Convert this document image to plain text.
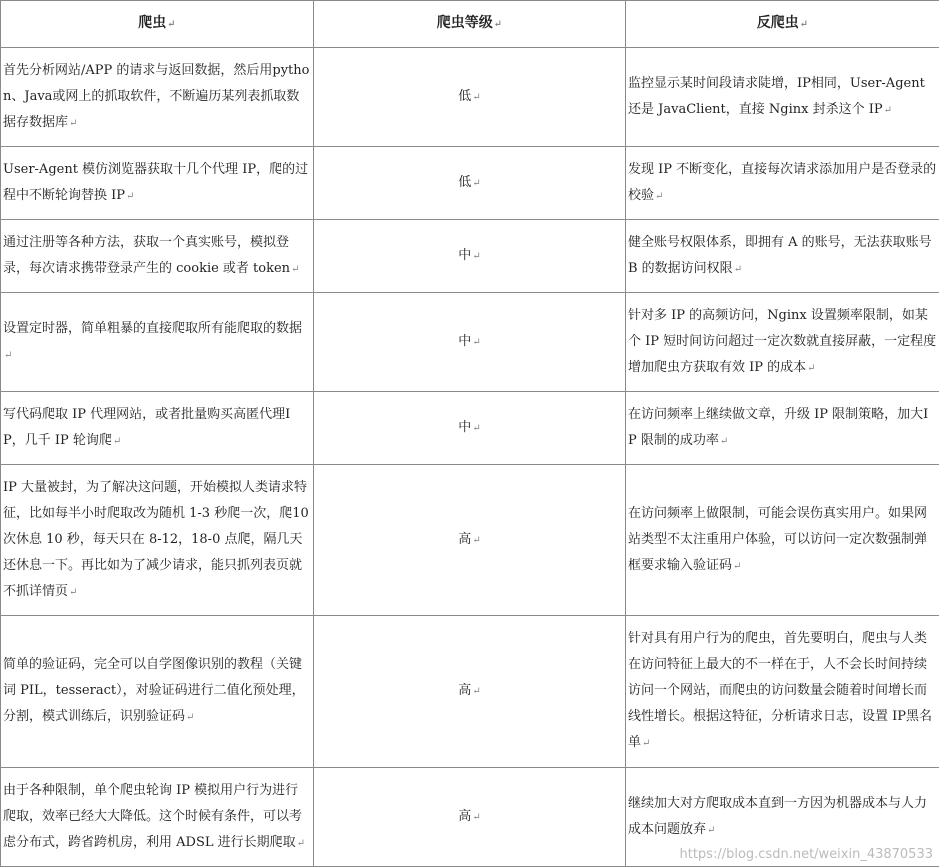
爬虫↵	爬虫等级↵	反爬虫↵
首先分析网站/APP 的请求与返回数据，然后用python、Java或网上的抓取软件，不断遍历某列表抓取数据存数据库↵	低↵	监控显示某时间段请求陡增，IP相同，User-Agent还是 JavaClient，直接 Nginx 封杀这个 IP↵
User-Agent 模仿浏览器获取十几个代理 IP，爬的过程中不断轮询替换 IP↵	低↵	发现 IP 不断变化，直接每次请求添加用户是否登录的校验↵
通过注册等各种方法，获取一个真实账号，模拟登录，每次请求携带登录产生的 cookie 或者 token↵	中↵	健全账号权限体系，即拥有 A 的账号，无法获取账号 B 的数据访问权限↵
设置定时器，简单粗暴的直接爬取所有能爬取的数据↵	中↵	针对多 IP 的高频访问，Nginx 设置频率限制，如某个 IP 短时间访问超过一定次数就直接屏蔽，一定程度增加爬虫方获取有效 IP 的成本↵
写代码爬取 IP 代理网站，或者批量购买高匿代理IP，几千 IP 轮询爬↵	中↵	在访问频率上继续做文章，升级 IP 限制策略，加大IP 限制的成功率↵
IP 大量被封，为了解决这问题，开始模拟人类请求特征，比如每半小时爬取改为随机 1-3 秒爬一次，爬10 次休息 10 秒，每天只在 8-12，18-0 点爬，隔几天还休息一下。再比如为了减少请求，能只抓列表页就不抓详情页↵	高↵	在访问频率上做限制，可能会误伤真实用户。如果网站类型不太注重用户体验，可以访问一定次数强制弹框要求输入验证码↵
简单的验证码，完全可以自学图像识别的教程（关键词 PIL，tesseract），对验证码进行二值化预处理，分割，模式训练后，识别验证码↵	高↵	针对具有用户行为的爬虫，首先要明白，爬虫与人类在访问特征上最大的不一样在于，人不会长时间持续访问一个网站，而爬虫的访问数量会随着时间增长而线性增长。根据这特征，分析请求日志，设置 IP黑名单↵
由于各种限制，单个爬虫轮询 IP 模拟用户行为进行爬取，效率已经大大降低。这个时候有条件，可以考虑分布式，跨省跨机房，利用 ADSL 进行长期爬取↵	高↵	继续加大对方爬取成本直到一方因为机器成本与人力成本问题放弃↵
https://blog.csdn.net/weixin_43870533
